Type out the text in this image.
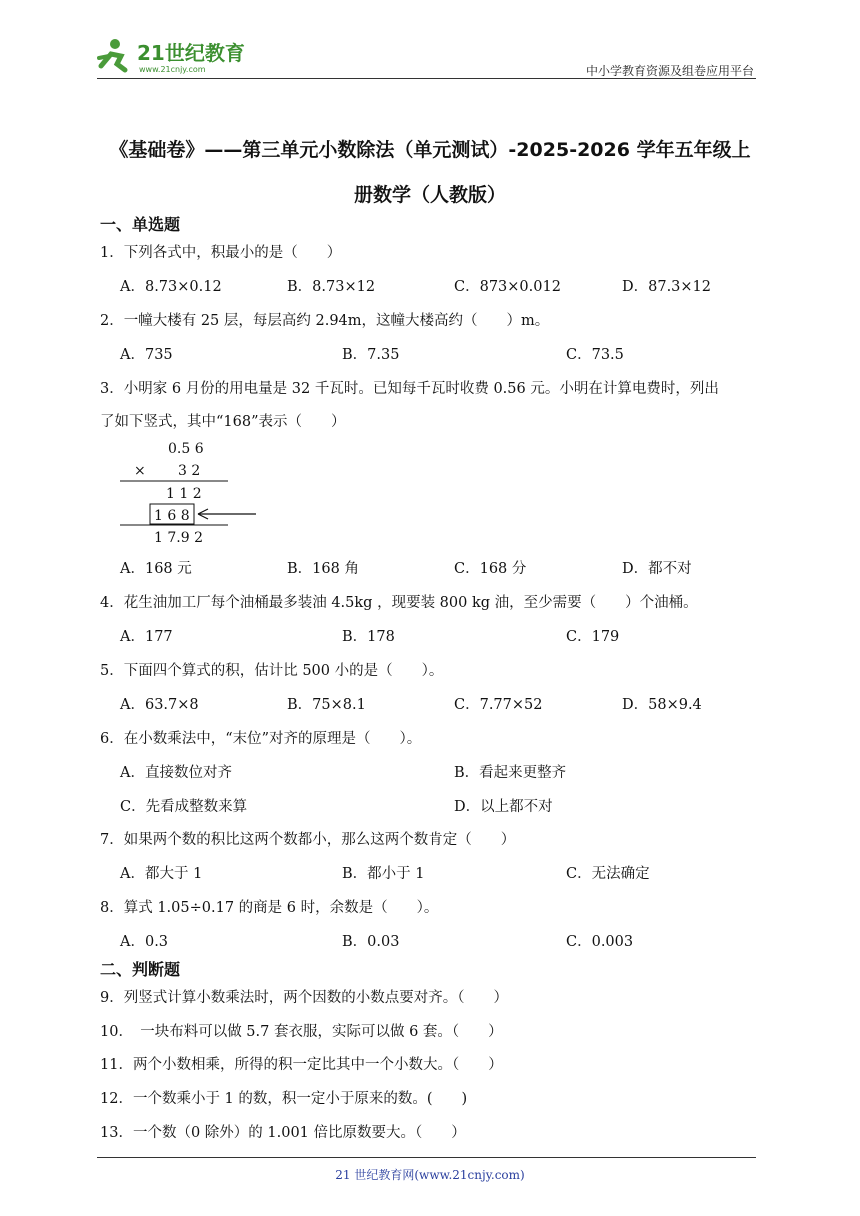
21世纪教育
www.21cnjy.com	中小学教育资源及组卷应用平台
《基础卷》——第三单元小数除法（单元测试）-2025-2026 学年五年级上
册数学（人教版）
一、单选题
1．下列各式中，积最小的是（　　）
A．8.73×0.12	B．8.73×12	C．873×0.012	D．87.3×12
2．一幢大楼有 25 层，每层高约 2.94m，这幢大楼高约（　　）m。
A．735	B．7.35	C．73.5
3．小明家 6 月份的用电量是 32 千瓦时。已知每千瓦时收费 0.56 元。小明在计算电费时，列出
了如下竖式，其中“168”表示（　　）
0.5 6
× 3 2
1 1 2
1 6 8
1 7.9 2
A．168 元	B．168 角	C．168 分	D．都不对
4．花生油加工厂每个油桶最多装油 4.5kg ，现要装 800 kg 油，至少需要（　　）个油桶。
A．177	B．178	C．179
5．下面四个算式的积，估计比 500 小的是（　　）。
A．63.7×8	B．75×8.1	C．7.77×52	D．58×9.4
6．在小数乘法中，“末位”对齐的原理是（　　）。
A．直接数位对齐	B．看起来更整齐
C．先看成整数来算	D．以上都不对
7．如果两个数的积比这两个数都小，那么这两个数肯定（　　）
A．都大于 1	B．都小于 1	C．无法确定
8．算式 1.05÷0.17 的商是 6 时，余数是（　　）。
A．0.3	B．0.03	C．0.003
二、判断题
9．列竖式计算小数乘法时，两个因数的小数点要对齐。（　　）
10．　一块布料可以做 5.7 套衣服，实际可以做 6 套。（　　）
11．两个小数相乘，所得的积一定比其中一个小数大。（　　）
12．一个数乘小于 1 的数，积一定小于原来的数。(　　)
13．一个数（0 除外）的 1.001 倍比原数要大。（　　）
21 世纪教育网(www.21cnjy.com)
